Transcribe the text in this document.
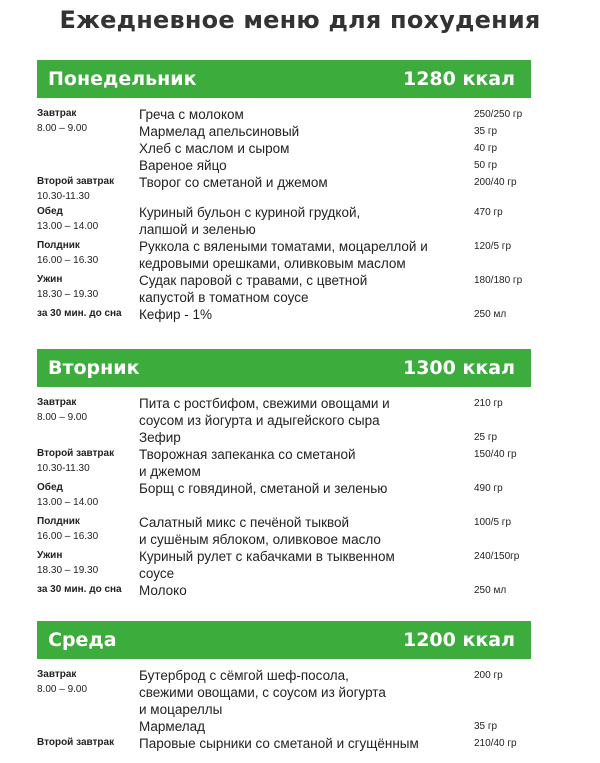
Ежедневное меню для похудения
Понедельник	1280 ккал
Завтрак
8.00 – 9.00
Греча с молоком	250/250 гр
Мармелад апельсиновый	35 гр
Хлеб с маслом и сыром	40 гр
Вареное яйцо	50 гр
Второй завтрак
10.30-11.30
Творог со сметаной и джемом	200/40 гр
Обед
13.00 – 14.00
Куриный бульон с куриной грудкой,	470 гр
лапшой и зеленью
Полдник
16.00 – 16.30
Руккола с вялеными томатами, моцареллой и	120/5 гр
кедровыми орешками, оливковым маслом
Ужин
18.30 – 19.30
Судак паровой с травами, с цветной	180/180 гр
капустой в томатном соусе
за 30 мин. до сна	Кефир - 1%	250 мл
Вторник	1300 ккал
Завтрак
8.00 – 9.00
Пита с ростбифом, свежими овощами и	210 гр
соусом из йогурта и адыгейского сыра
Зефир	25 гр
Второй завтрак
10.30-11.30
Творожная запеканка со сметаной	150/40 гр
и джемом
Обед
13.00 – 14.00
Борщ с говядиной, сметаной и зеленью	490 гр

Полдник
16.00 – 16.30
Салатный микс с печёной тыквой	100/5 гр
и сушёным яблоком, оливковое масло
Ужин
18.30 – 19.30
Куриный рулет с кабачками в тыквенном	240/150гр
соусе
за 30 мин. до сна	Молоко	250 мл
Среда	1200 ккал
Завтрак
8.00 – 9.00
Бутерброд с сёмгой шеф-посола,	200 гр
свежими овощами, с соусом из йогурта
и моцареллы
Мармелад	35 гр
Второй завтрак	Паровые сырники со сметаной и сгущённым	210/40 гр
